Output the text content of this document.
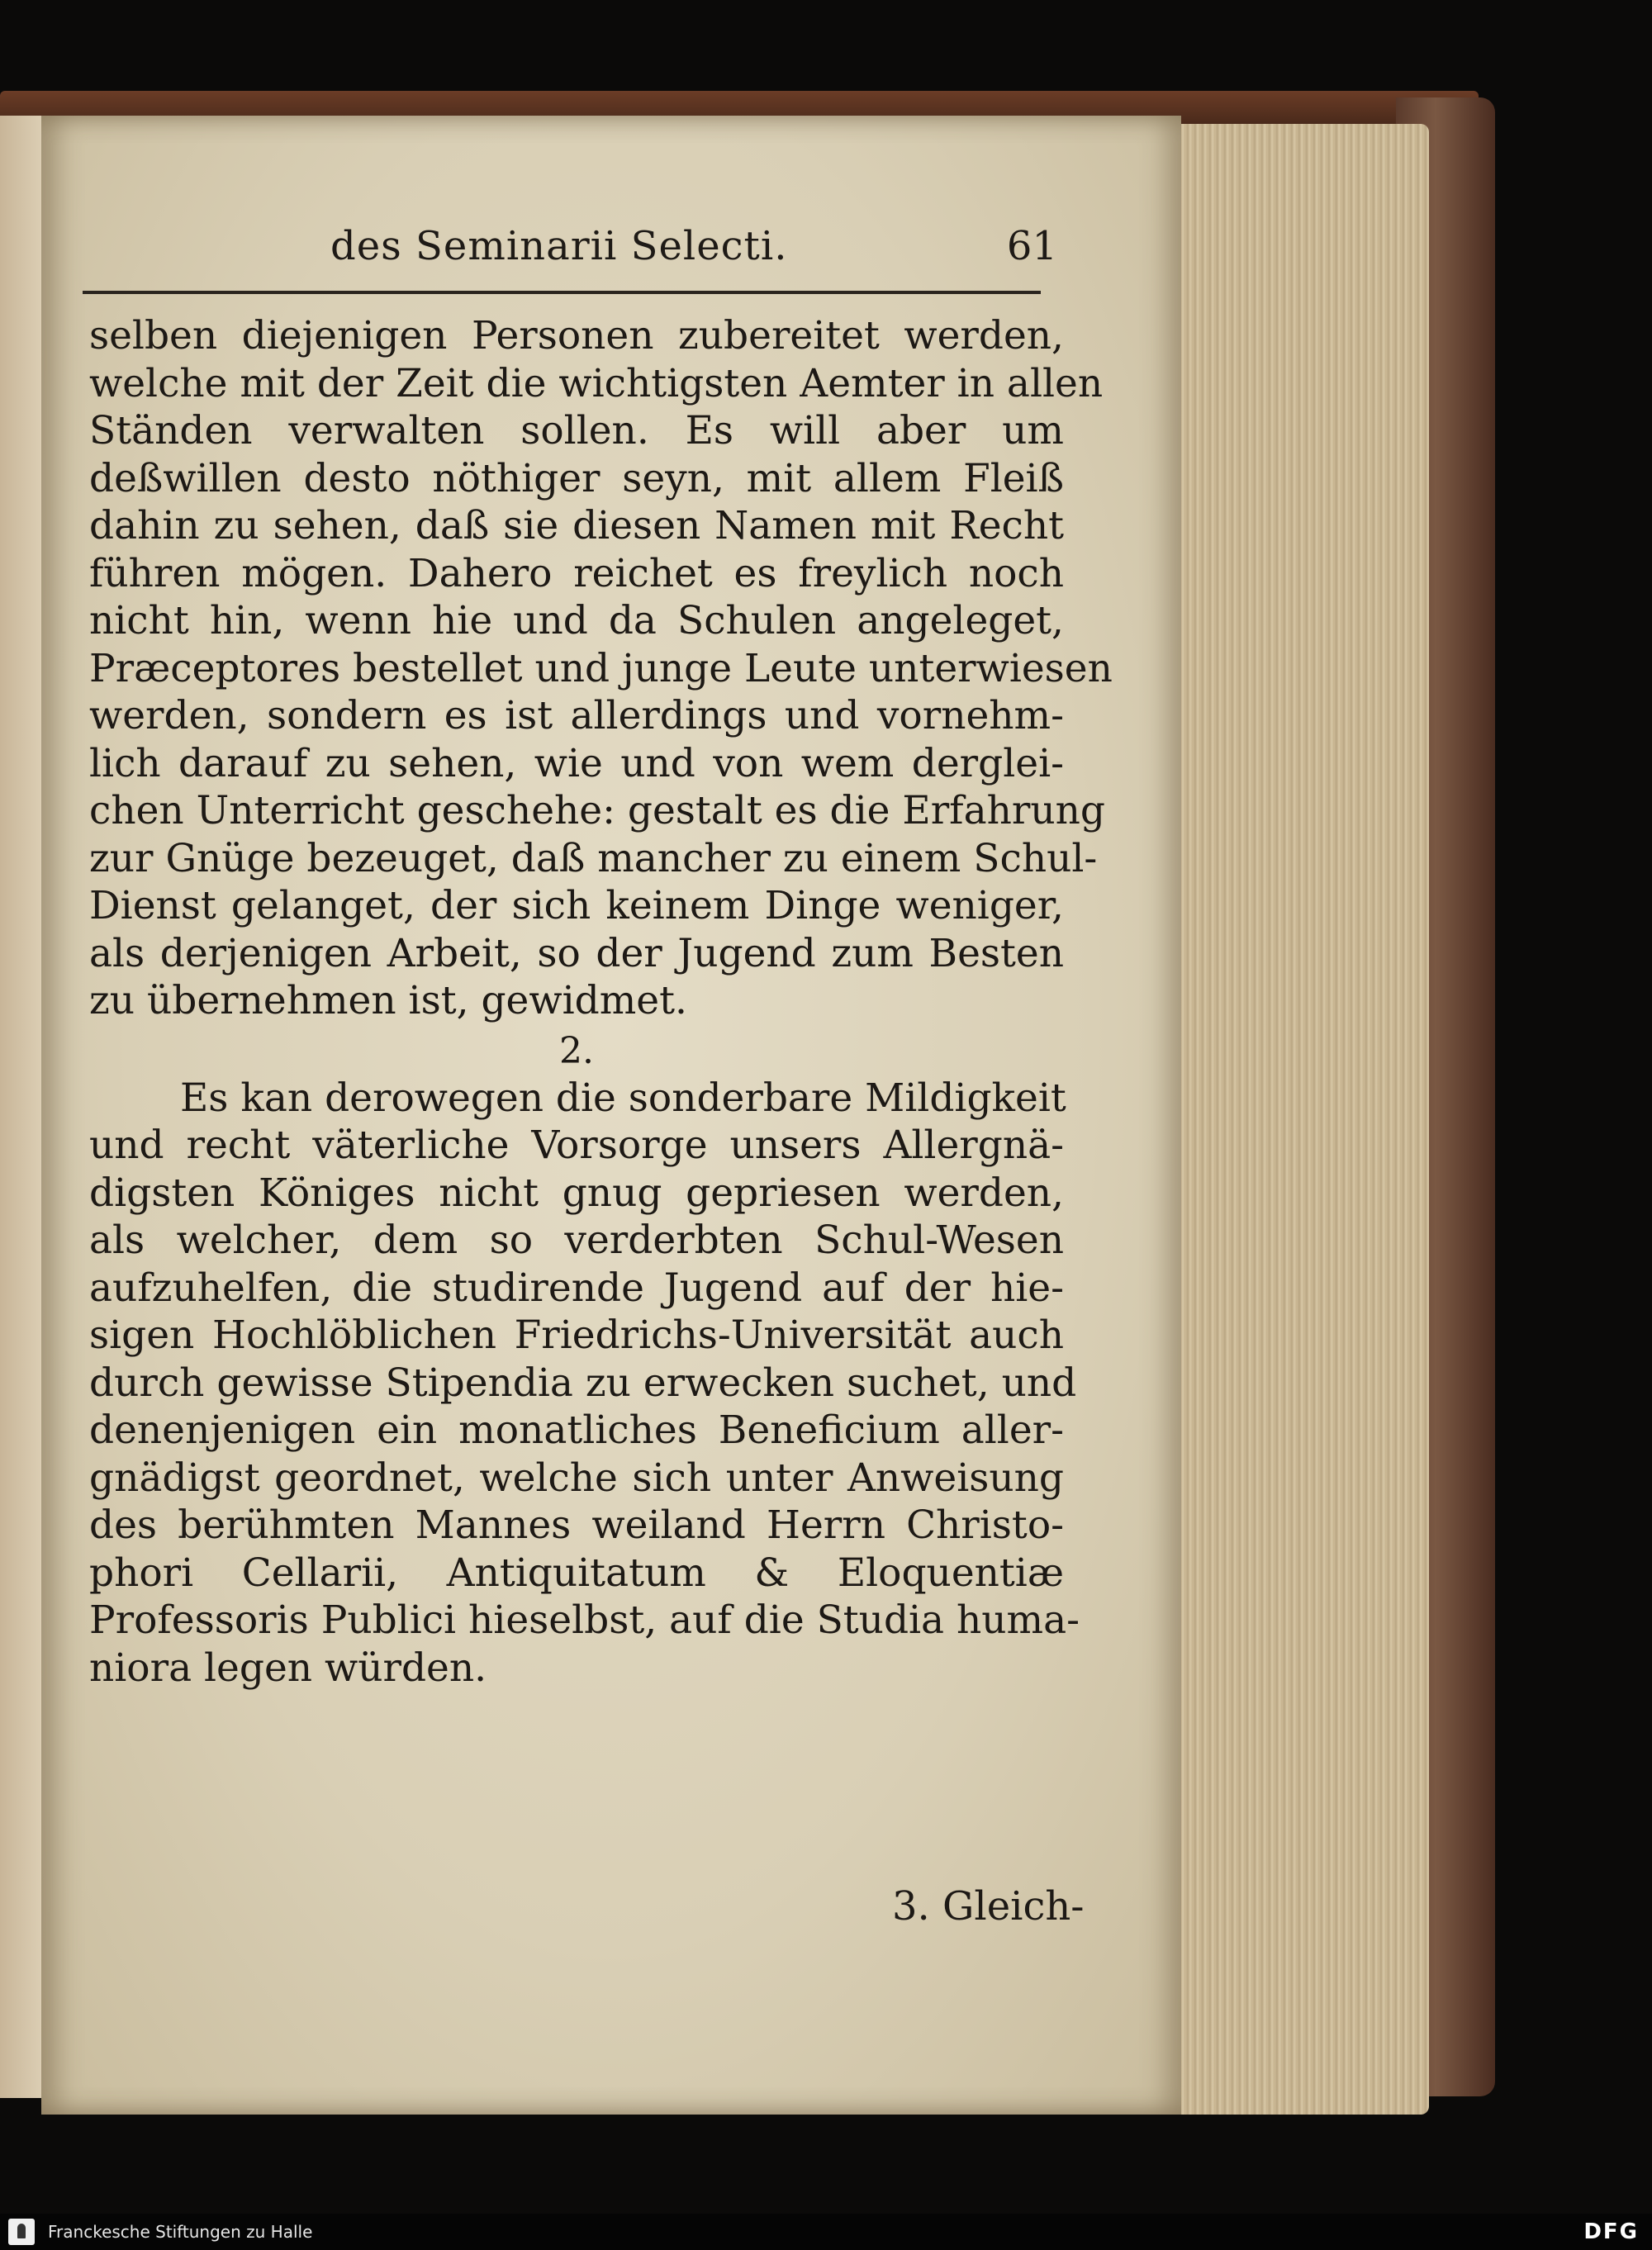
des Seminarii Selecti.	61
selben diejenigen Personen zubereitet werden,
welche mit der Zeit die wichtigsten Aemter in allen
Ständen verwalten sollen. Es will aber um
deßwillen desto nöthiger seyn, mit allem Fleiß
dahin zu sehen, daß sie diesen Namen mit Recht
führen mögen. Dahero reichet es freylich noch
nicht hin, wenn hie und da Schulen angeleget,
Præceptores bestellet und junge Leute unterwiesen
werden, sondern es ist allerdings und vornehm-
lich darauf zu sehen, wie und von wem derglei-
chen Unterricht geschehe: gestalt es die Erfahrung
zur Gnüge bezeuget, daß mancher zu einem Schul-
Dienst gelanget, der sich keinem Dinge weniger,
als derjenigen Arbeit, so der Jugend zum Besten
zu übernehmen ist, gewidmet.
2.
Es kan derowegen die sonderbare Mildigkeit
und recht väterliche Vorsorge unsers Allergnä-
digsten Königes nicht gnug gepriesen werden,
als welcher, dem so verderbten Schul-Wesen
aufzuhelfen, die studirende Jugend auf der hie-
sigen Hochlöblichen Friedrichs-Universität auch
durch gewisse Stipendia zu erwecken suchet, und
denenjenigen ein monatliches Beneficium aller-
gnädigst geordnet, welche sich unter Anweisung
des berühmten Mannes weiland Herrn Christo-
phori Cellarii, Antiquitatum & Eloquentiæ
Professoris Publici hieselbst, auf die Studia huma-
niora legen würden.
3. Gleich-
Franckesche Stiftungen zu Halle	DFG
